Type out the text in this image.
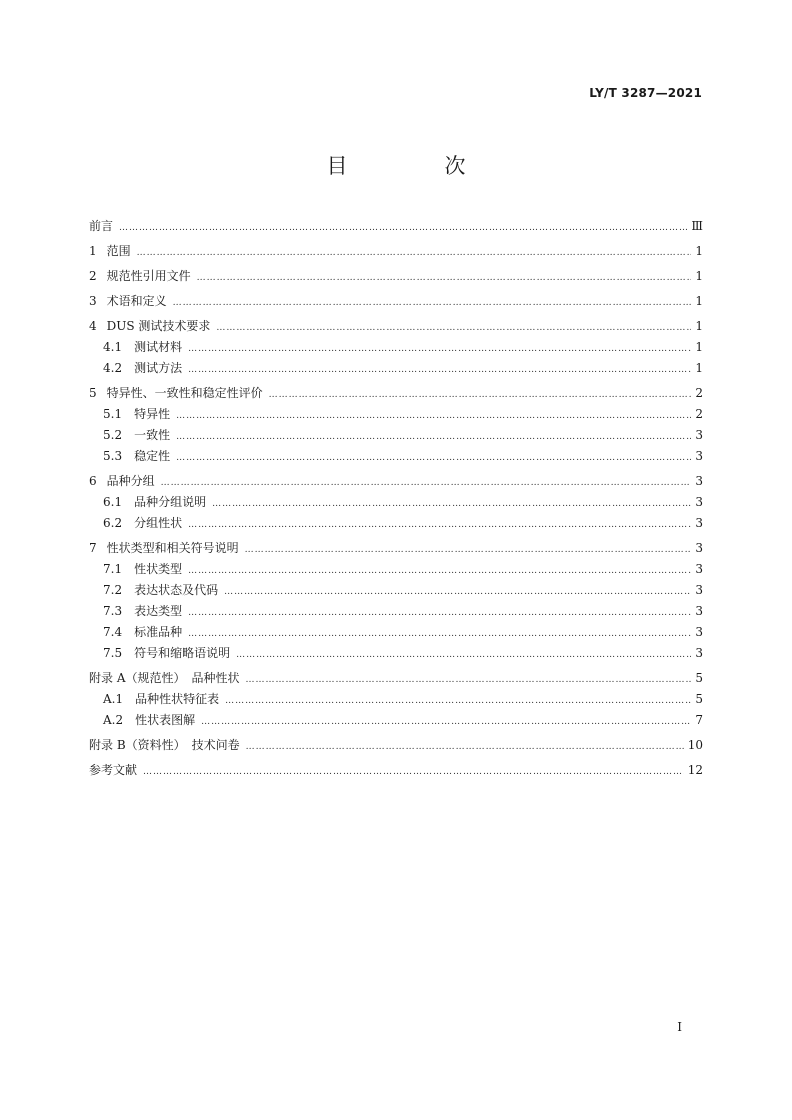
LY/T 3287—2021
目　次
前言 ……………………………………………………………………………………………………………………………………………………………………………………………………………	Ⅲ
1 范围 ……………………………………………………………………………………………………………………………………………………………………………………………………………	1
2 规范性引用文件 ……………………………………………………………………………………………………………………………………………………………………………………………………………	1
3 术语和定义 ……………………………………………………………………………………………………………………………………………………………………………………………………………	1
4 DUS 测试技术要求 ……………………………………………………………………………………………………………………………………………………………………………………………………………	1
4.1 测试材料 ……………………………………………………………………………………………………………………………………………………………………………………………………………	1
4.2 测试方法 ……………………………………………………………………………………………………………………………………………………………………………………………………………	1
5 特异性、一致性和稳定性评价 ……………………………………………………………………………………………………………………………………………………………………………………………………………	2
5.1 特异性 ……………………………………………………………………………………………………………………………………………………………………………………………………………	2
5.2 一致性 ……………………………………………………………………………………………………………………………………………………………………………………………………………	3
5.3 稳定性 ……………………………………………………………………………………………………………………………………………………………………………………………………………	3
6 品种分组 ……………………………………………………………………………………………………………………………………………………………………………………………………………	3
6.1 品种分组说明 ……………………………………………………………………………………………………………………………………………………………………………………………………………	3
6.2 分组性状 ……………………………………………………………………………………………………………………………………………………………………………………………………………	3
7 性状类型和相关符号说明 ……………………………………………………………………………………………………………………………………………………………………………………………………………	3
7.1 性状类型 ……………………………………………………………………………………………………………………………………………………………………………………………………………	3
7.2 表达状态及代码 ……………………………………………………………………………………………………………………………………………………………………………………………………………	3
7.3 表达类型 ……………………………………………………………………………………………………………………………………………………………………………………………………………	3
7.4 标准品种 ……………………………………………………………………………………………………………………………………………………………………………………………………………	3
7.5 符号和缩略语说明 ……………………………………………………………………………………………………………………………………………………………………………………………………………	3
附录 A（规范性）　品种性状 ……………………………………………………………………………………………………………………………………………………………………………………………………………	5
A.1 品种性状特征表 ……………………………………………………………………………………………………………………………………………………………………………………………………………	5
A.2 性状表图解 ……………………………………………………………………………………………………………………………………………………………………………………………………………	7
附录 B（资料性）　技术问卷 ……………………………………………………………………………………………………………………………………………………………………………………………………………	10
参考文献 ……………………………………………………………………………………………………………………………………………………………………………………………………………	12
I
